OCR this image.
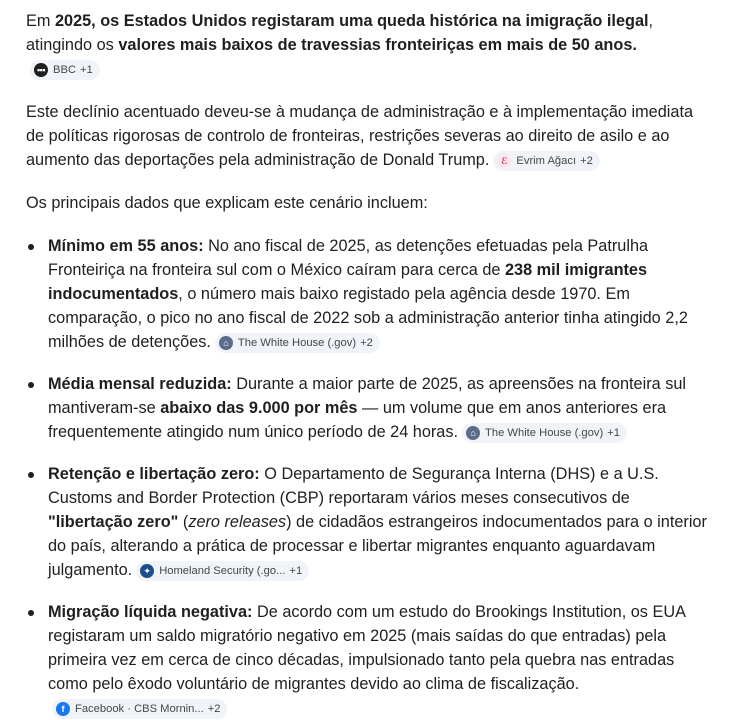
Em 2025, os Estados Unidos registaram uma queda histórica na imigração ilegal, atingindo os valores mais baixos de travessias fronteiriças em mais de 50 anos.
▪▪▪ BBC +1

Este declínio acentuado deveu-se à mudança de administração e à implementação imediata de políticas rigorosas de controlo de fronteiras, restrições severas ao direito de asilo e ao aumento das deportações pela administração de Donald Trump.	ℰ Evrim Ağacı +2

Os principais dados que explicam este cenário incluem:

Mínimo em 55 anos: No ano fiscal de 2025, as detenções efetuadas pela Patrulha Fronteiriça na fronteira sul com o México caíram para cerca de 238 mil imigrantes indocumentados, o número mais baixo registado pela agência desde 1970. Em comparação, o pico no ano fiscal de 2022 sob a administração anterior tinha atingido 2,2 milhões de detenções.	⌂ The White House (.gov) +2
Média mensal reduzida: Durante a maior parte de 2025, as apreensões na fronteira sul mantiveram-se abaixo das 9.000 por mês — um volume que em anos anteriores era frequentemente atingido num único período de 24 horas.	⌂ The White House (.gov) +1
Retenção e libertação zero: O Departamento de Segurança Interna (DHS) e a U.S. Customs and Border Protection (CBP) reportaram vários meses consecutivos de "libertação zero" (zero releases) de cidadãos estrangeiros indocumentados para o interior do país, alterando a prática de processar e libertar migrantes enquanto aguardavam julgamento.	✦ Homeland Security (.go... +1
Migração líquida negativa: De acordo com um estudo do Brookings Institution, os EUA registaram um saldo migratório negativo em 2025 (mais saídas do que entradas) pela primeira vez em cerca de cinco décadas, impulsionado tanto pela quebra nas entradas como pelo êxodo voluntário de migrantes devido ao clima de fiscalização.
f Facebook · CBS Mornin... +2
